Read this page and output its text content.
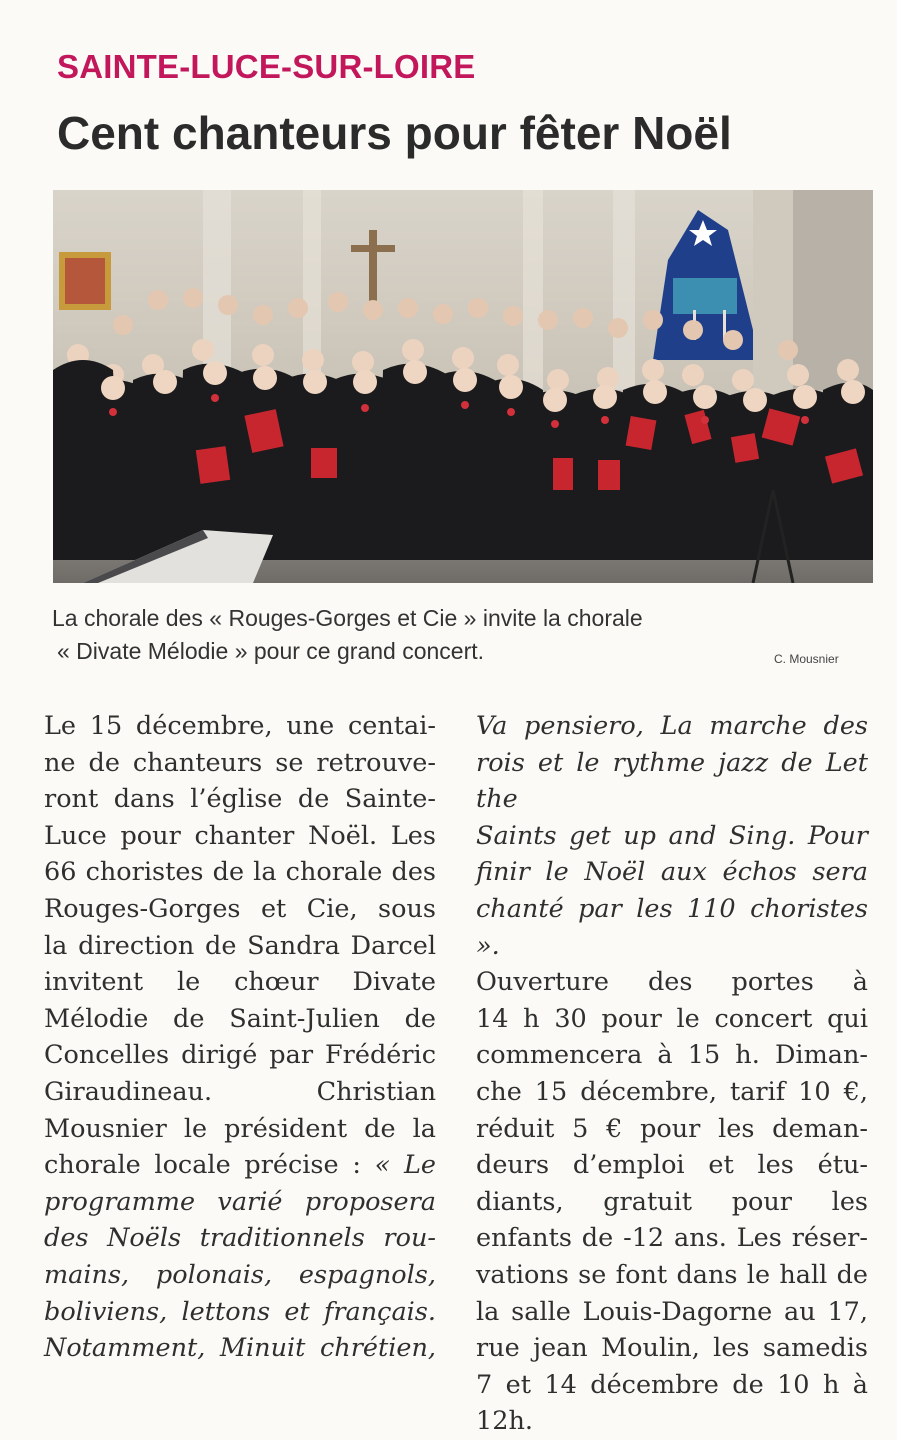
SAINTE-LUCE-SUR-LOIRE
Cent chanteurs pour fêter Noël
La chorale des « Rouges-Gorges et Cie » invite la chorale
« Divate Mélodie » pour ce grand concert.	C. Mousnier
Le 15 décembre, une centai-
ne de chanteurs se retrouve-
ront dans l’église de Sainte-
Luce pour chanter Noël. Les
66 choristes de la chorale des
Rouges-Gorges et Cie, sous
la direction de Sandra Darcel
invitent le chœur Divate
Mélodie de Saint-Julien de
Concelles dirigé par Frédéric
Giraudineau. Christian
Mousnier le président de la
chorale locale précise : « Le
programme varié proposera
des Noëls traditionnels rou-
mains, polonais, espagnols,
boliviens, lettons et français.
Notamment, Minuit chrétien,
Va pensiero, La marche des
rois et le rythme jazz de Let the
Saints get up and Sing. Pour
finir le Noël aux échos sera
chanté par les 110 choristes ».
Ouverture des portes à
14 h 30 pour le concert qui
commencera à 15 h. Diman-
che 15 décembre, tarif 10 €,
réduit 5 € pour les deman-
deurs d’emploi et les étu-
diants, gratuit pour les
enfants de -12 ans. Les réser-
vations se font dans le hall de
la salle Louis-Dagorne au 17,
rue jean Moulin, les samedis
7 et 14 décembre de 10 h à
12h.
